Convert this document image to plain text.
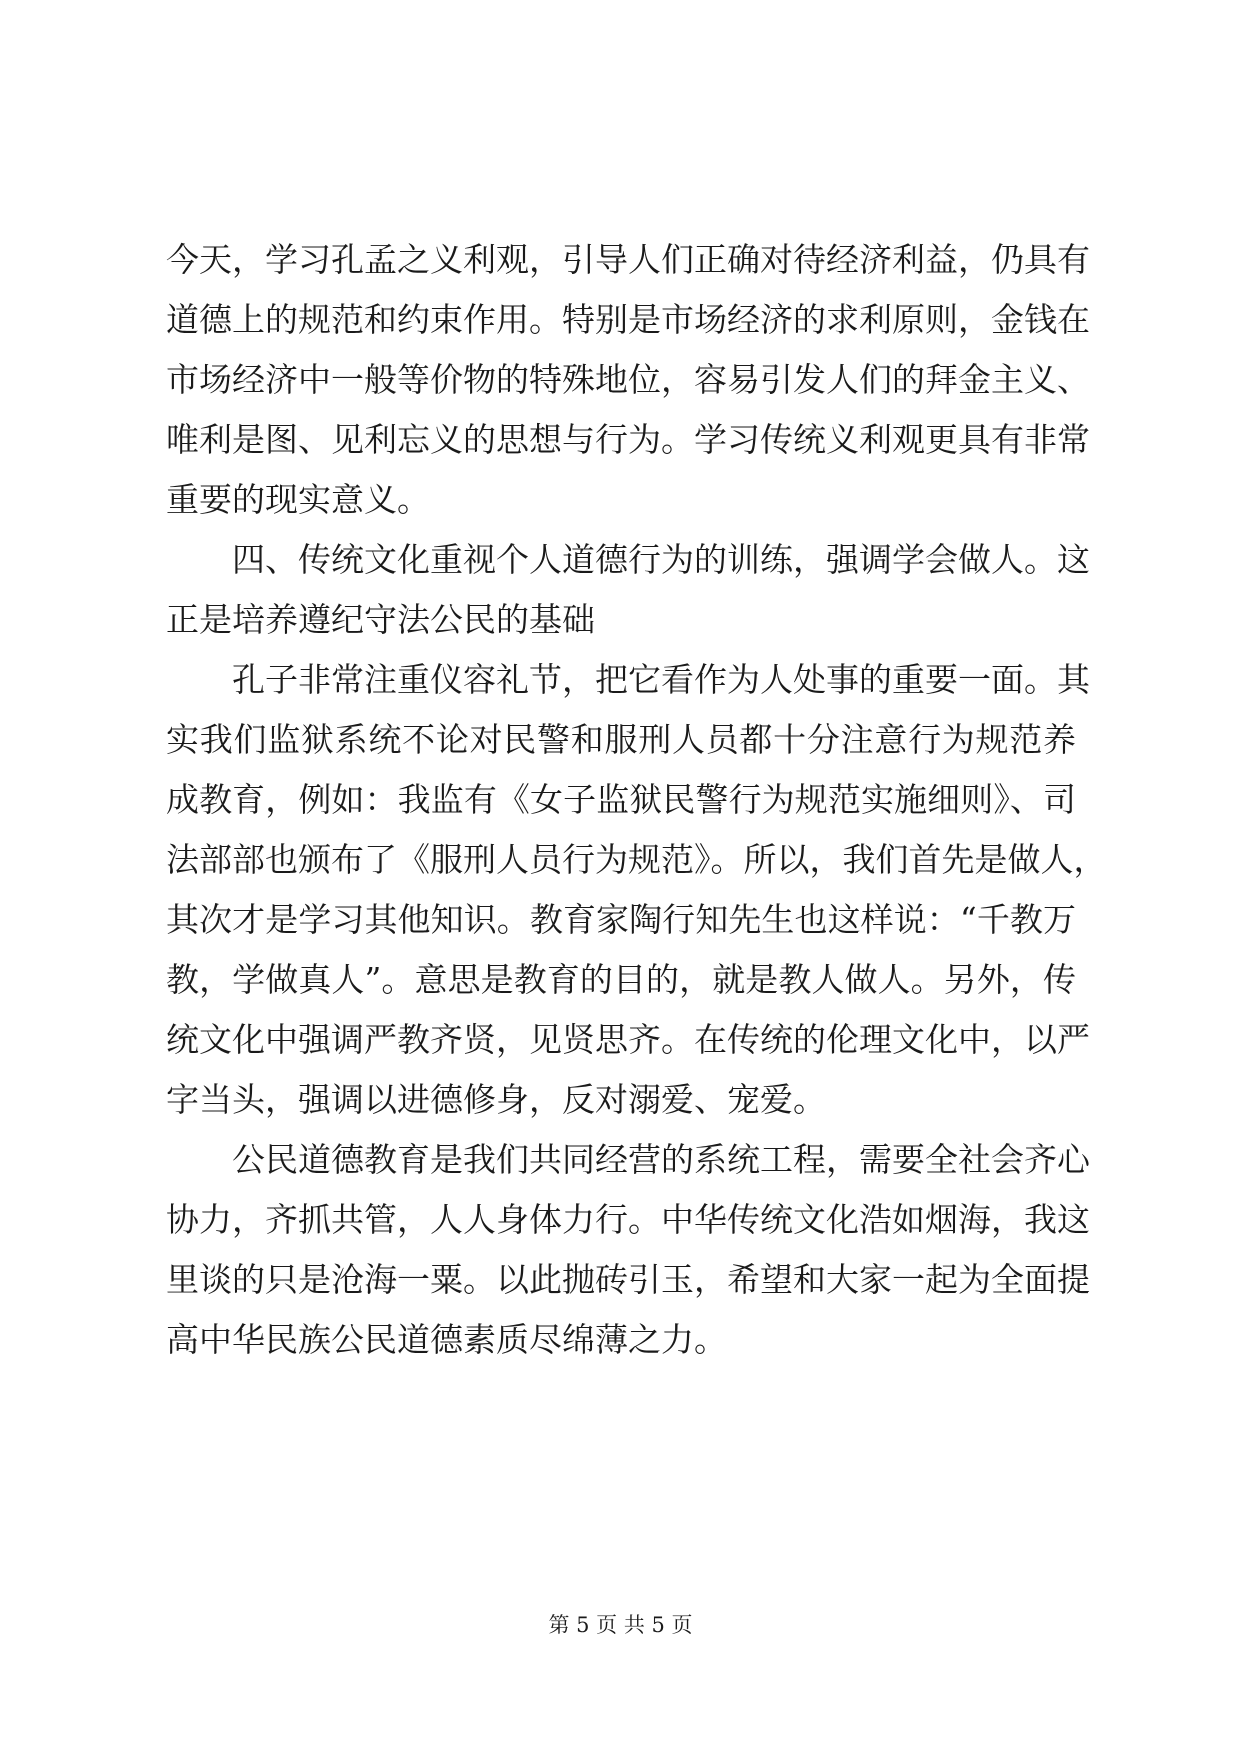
今天，学习孔孟之义利观，引导人们正确对待经济利益，仍具有
道德上的规范和约束作用。特别是市场经济的求利原则，金钱在
市场经济中一般等价物的特殊地位，容易引发人们的拜金主义、
唯利是图、见利忘义的思想与行为。学习传统义利观更具有非常
重要的现实意义。
　　四、传统文化重视个人道德行为的训练，强调学会做人。这
正是培养遵纪守法公民的基础
　　孔子非常注重仪容礼节，把它看作为人处事的重要一面。其
实我们监狱系统不论对民警和服刑人员都十分注意行为规范养
成教育，例如：我监有《女子监狱民警行为规范实施细则》、司
法部部也颁布了《服刑人员行为规范》。所以，我们首先是做人，
其次才是学习其他知识。教育家陶行知先生也这样说：“千教万
教，学做真人”。意思是教育的目的，就是教人做人。另外，传
统文化中强调严教齐贤，见贤思齐。在传统的伦理文化中，以严
字当头，强调以进德修身，反对溺爱、宠爱。
　　公民道德教育是我们共同经营的系统工程，需要全社会齐心
协力，齐抓共管，人人身体力行。中华传统文化浩如烟海，我这
里谈的只是沧海一粟。以此抛砖引玉，希望和大家一起为全面提
高中华民族公民道德素质尽绵薄之力。
第 5 页 共 5 页
